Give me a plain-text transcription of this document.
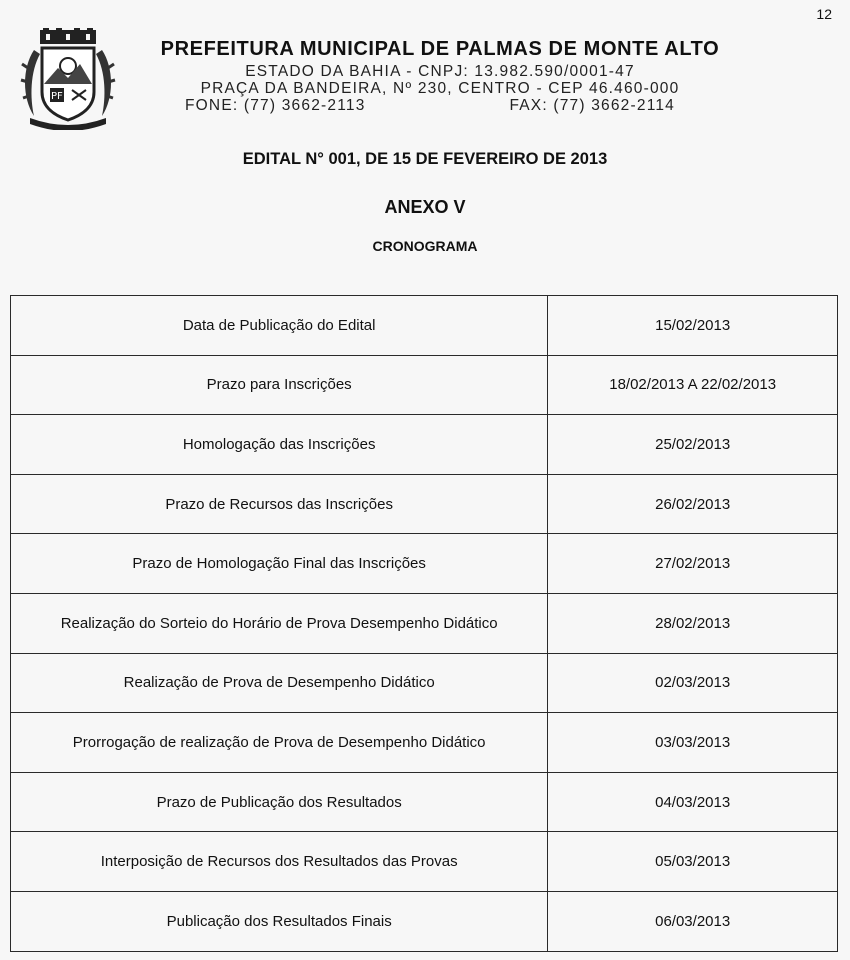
12
PF
PREFEITURA MUNICIPAL DE PALMAS DE MONTE ALTO
ESTADO DA BAHIA - CNPJ: 13.982.590/0001-47
PRAÇA DA BANDEIRA, Nº 230, CENTRO - CEP 46.460-000
FONE: (77) 3662-2113	FAX: (77) 3662-2114
EDITAL N° 001, DE 15 DE FEVEREIRO DE 2013
ANEXO V
CRONOGRAMA
Data de Publicação do Edital	15/02/2013
Prazo para Inscrições	18/02/2013 A 22/02/2013
Homologação das Inscrições	25/02/2013
Prazo de Recursos das Inscrições	26/02/2013
Prazo de Homologação Final das Inscrições	27/02/2013
Realização do Sorteio do Horário de Prova Desempenho Didático	28/02/2013
Realização de Prova de Desempenho Didático	02/03/2013
Prorrogação de realização de Prova de Desempenho Didático	03/03/2013
Prazo de Publicação dos Resultados	04/03/2013
Interposição de Recursos dos Resultados das Provas	05/03/2013
Publicação dos Resultados Finais	06/03/2013
